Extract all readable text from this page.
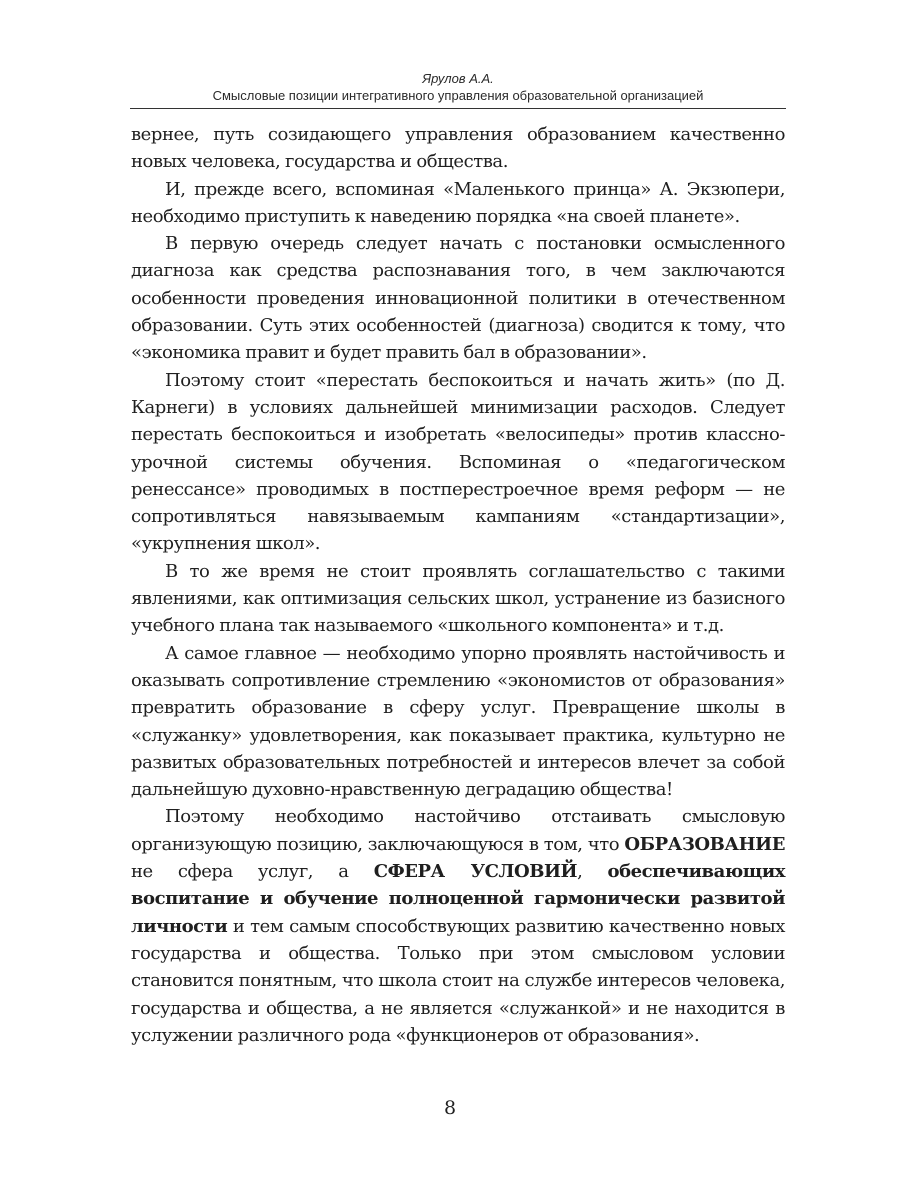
Ярулов А.А.
Смысловые позиции интегративного управления образовательной организацией

вернее, путь созидающего управления образованием качественно новых человека, государства и общества.

И, прежде всего, вспоминая «Маленького принца» А. Экзюпери, необходимо приступить к наведению порядка «на своей планете».

В первую очередь следует начать с постановки осмысленного диагноза как средства распознавания того, в чем заключаются особенности проведения инновационной политики в отечественном образовании. Суть этих особенностей (диагноза) сводится к тому, что «экономика правит и будет править бал в образовании».

Поэтому стоит «перестать беспокоиться и начать жить» (по Д. Карнеги) в условиях дальнейшей минимизации расходов. Следует перестать беспокоиться и изобретать «велосипеды» против классно-урочной системы обучения. Вспоминая о «педагогическом ренессансе» проводимых в постперестроечное время реформ — не сопротивляться навязываемым кампаниям «стандартизации», «укрупнения школ».

В то же время не стоит проявлять соглашательство с такими явлениями, как оптимизация сельских школ, устранение из базисного учебного плана так называемого «школьного компонента» и т.д.

А самое главное — необходимо упорно проявлять настойчивость и оказывать сопротивление стремлению «экономистов от образования» превратить образование в сферу услуг. Превращение школы в «служанку» удовлетворения, как показывает практика, культурно не развитых образовательных потребностей и интересов влечет за собой дальнейшую духовно-нравственную деградацию общества!

Поэтому необходимо настойчиво отстаивать смысловую организующую позицию, заключающуюся в том, что ОБРАЗОВАНИЕ не сфера услуг, а СФЕРА УСЛОВИЙ, обеспечивающих воспитание и обучение полноценной гармонически развитой личности и тем самым способствующих развитию качественно новых государства и общества. Только при этом смысловом условии становится понятным, что школа стоит на службе интересов человека, государства и общества, а не является «служанкой» и не находится в услужении различного рода «функционеров от образования».

8
